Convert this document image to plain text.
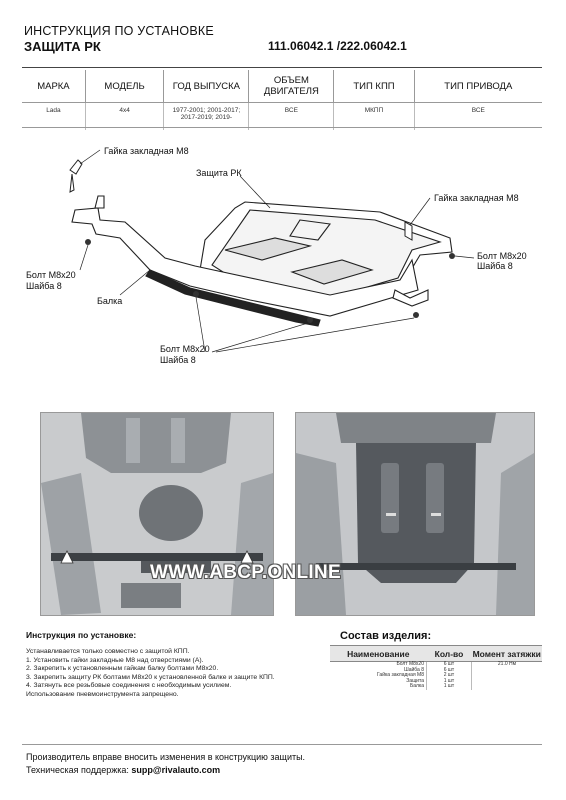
ИНСТРУКЦИЯ ПО УСТАНОВКЕ
ЗАЩИТА РК	111.06042.1 /222.06042.1
МАРКА	МОДЕЛЬ	ГОД ВЫПУСКА	ОБЪЕМ ДВИГАТЕЛЯ	ТИП КПП	ТИП ПРИВОДА
Lada	4x4	1977-2001; 2001-2017; 2017-2019; 2019-	ВСЕ	МКПП	ВСЕ
Гайка закладная М8
Защита РК
Гайка закладная М8
Болт М8х20
Шайба 8
Болт М8х20
Шайба 8
Балка
Болт М8х20
Шайба 8
WWW.ABCP.ONLINE
Инструкция по установке:
Устанавливается только совместно с защитой КПП.
1. Установить гайки закладные М8 над отверстиями (А).
2. Закрепить к установленным гайкам балку болтами М8х20.
3. Закрепить защиту РК болтами М8х20 к установленной балке и защите КПП.
4. Затянуть все резьбовые соединения с необходимым усилием.
Использование пневмоинструмента запрещено.
Состав изделия:
Наименование	Кол-во	Момент затяжки
Болт М8х20	6 шт	21.0 Нм
Шайба 8	6 шт	
Гайка закладная М8	2 шт	
Защита	1 шт	
Балка	1 шт	
Производитель вправе вносить изменения в конструкцию защиты.
Техническая поддержка: supp@rivalauto.com
